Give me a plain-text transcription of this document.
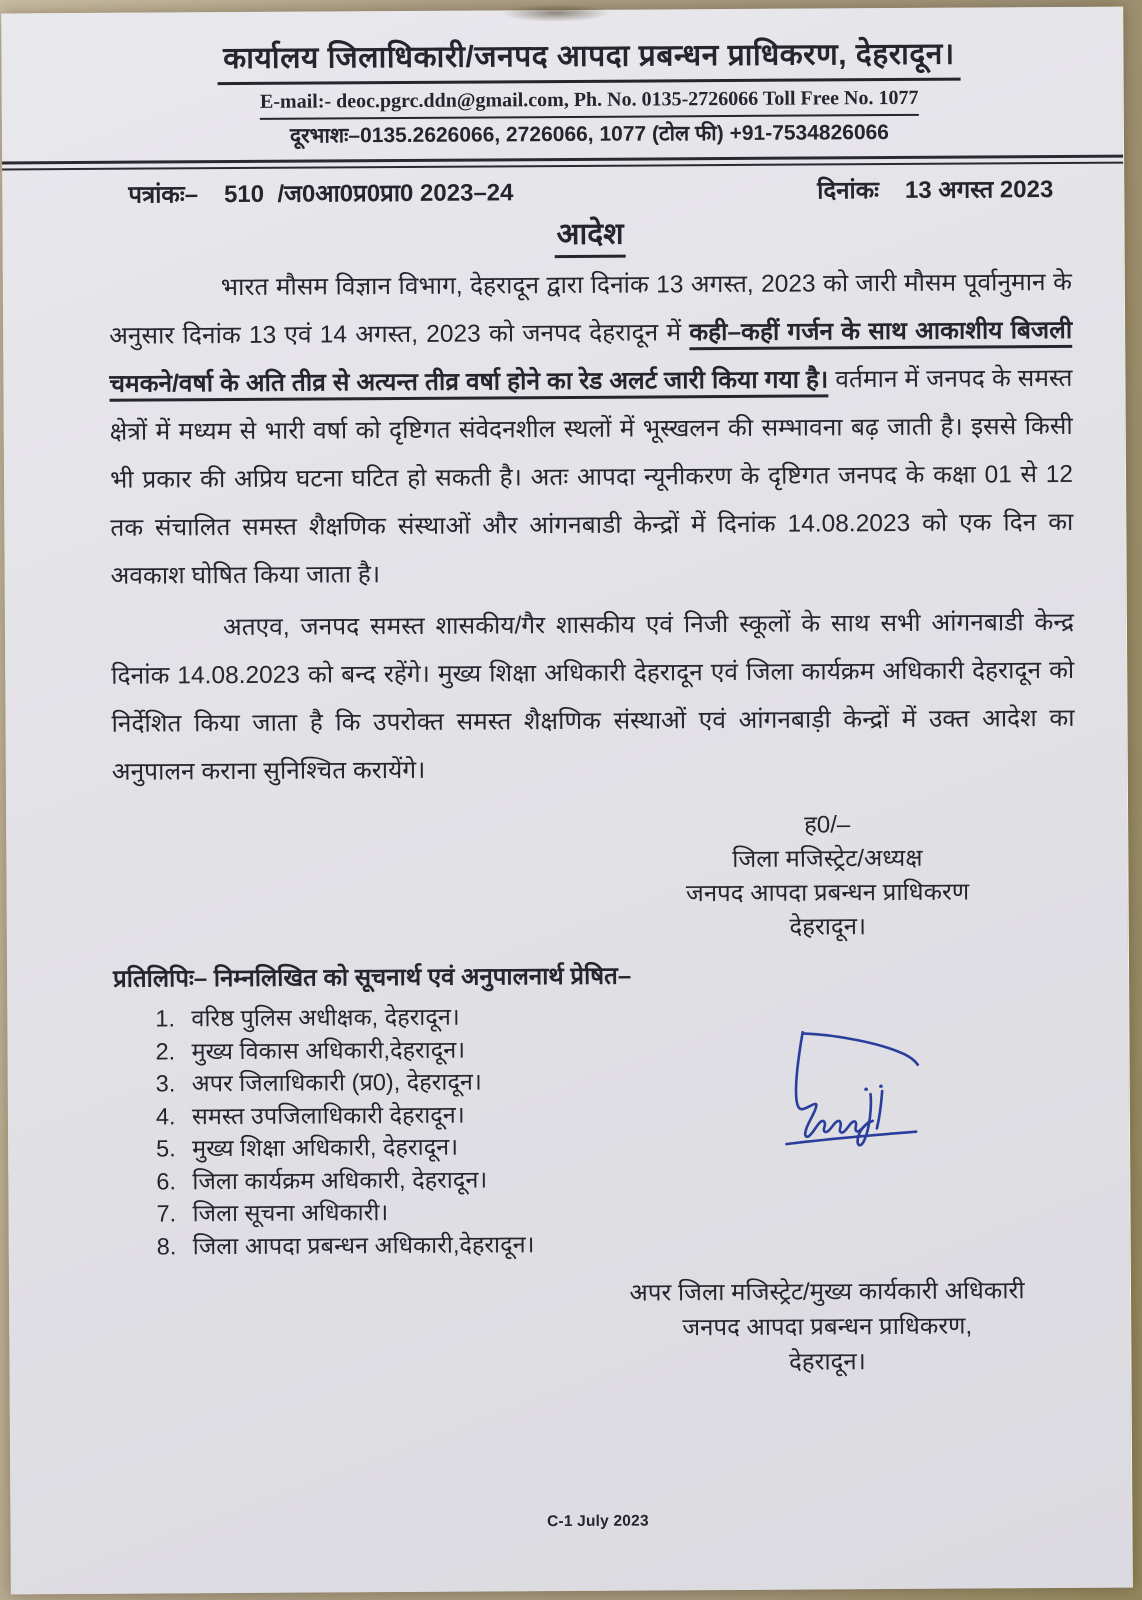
कार्यालय जिलाधिकारी/जनपद आपदा प्रबन्धन प्राधिकरण, देहरादून।
E-mail:- deoc.pgrc.ddn@gmail.com, Ph. No. 0135-2726066 Toll Free No. 1077
दूरभाशः–0135.2626066, 2726066, 1077 (टोल फी) +91-7534826066
पत्रांकः– 510 /ज0आ0प्र0प्रा0 2023–24	दिनांकः 13 अगस्त 2023
आदेश

भारत मौसम विज्ञान विभाग, देहरादून द्वारा दिनांक 13 अगस्त, 2023 को जारी मौसम पूर्वानुमान के अनुसार दिनांक 13 एवं 14 अगस्त, 2023 को जनपद देहरादून में कही–कहीं गर्जन के साथ आकाशीय बिजली चमकने/वर्षा के अति तीव्र से अत्यन्त तीव्र वर्षा होने का रेड अलर्ट जारी किया गया है। वर्तमान में जनपद के समस्त क्षेत्रों में मध्यम से भारी वर्षा को दृष्टिगत संवेदनशील स्थलों में भूस्खलन की सम्भावना बढ़ जाती है। इससे किसी भी प्रकार की अप्रिय घटना घटित हो सकती है। अतः आपदा न्यूनीकरण के दृष्टिगत जनपद के कक्षा 01 से 12 तक संचालित समस्त शैक्षणिक संस्थाओं और आंगनबाडी केन्द्रों में दिनांक 14.08.2023 को एक दिन का अवकाश घोषित किया जाता है।

अतएव, जनपद समस्त शासकीय/गैर शासकीय एवं निजी स्कूलों के साथ सभी आंगनबाडी केन्द्र दिनांक 14.08.2023 को बन्द रहेंगे। मुख्य शिक्षा अधिकारी देहरादून एवं जिला कार्यक्रम अधिकारी देहरादून को निर्देशित किया जाता है कि उपरोक्त समस्त शैक्षणिक संस्थाओं एवं आंगनबाड़ी केन्द्रों में उक्त आदेश का अनुपालन कराना सुनिश्चित करायेंगे।

ह0/–
जिला मजिस्ट्रेट/अध्यक्ष
जनपद आपदा प्रबन्धन प्राधिकरण
देहरादून।
प्रतिलिपिः– निम्नलिखित को सूचनार्थ एवं अनुपालनार्थ प्रेषित–
1. वरिष्ठ पुलिस अधीक्षक, देहरादून।
2. मुख्य विकास अधिकारी,देहरादून।
3. अपर जिलाधिकारी (प्र0), देहरादून।
4. समस्त उपजिलाधिकारी देहरादून।
5. मुख्य शिक्षा अधिकारी, देहरादून।
6. जिला कार्यक्रम अधिकारी, देहरादून।
7. जिला सूचना अधिकारी।
8. जिला आपदा प्रबन्धन अधिकारी,देहरादून।
अपर जिला मजिस्ट्रेट/मुख्य कार्यकारी अधिकारी
जनपद आपदा प्रबन्धन प्राधिकरण,
देहरादून।
C-1 July 2023
